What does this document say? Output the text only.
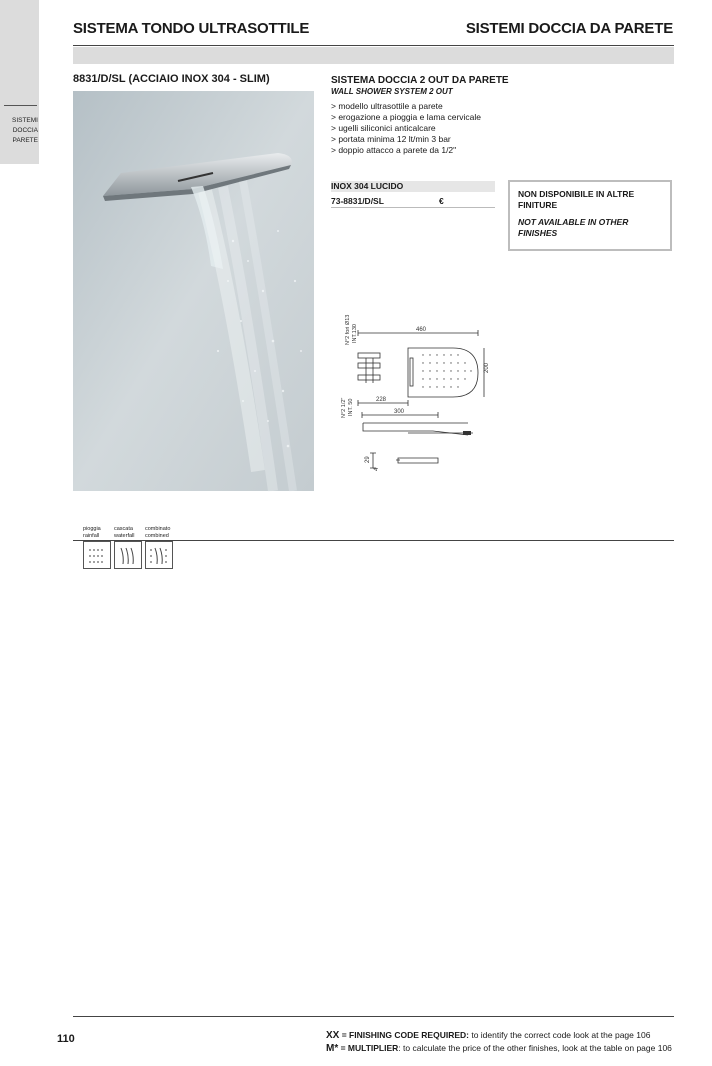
SISTEMI
DOCCIA
PARETE
SISTEMA TONDO ULTRASOTTILE	SISTEMI DOCCIA DA PARETE
8831/D/SL (ACCIAIO INOX 304 - SLIM)
pioggia
rainfall
cascata
waterfall
combinato
combined
SISTEMA DOCCIA 2 OUT DA PARETE
WALL SHOWER SYSTEM 2 OUT
> modello ultrasottile a parete
> erogazione a pioggia e lama cervicale
> ugelli siliconici anticalcare
> portata minima 12 lt/min 3 bar
> doppio attacco a parete da 1/2"
INOX 304 LUCIDO
73-8831/D/SL	€
NON DISPONIBILE IN ALTRE FINITURE
NOT AVAILABLE IN OTHER FINISHES
460
200
228
300
29
4
N°2 fori Ø13 INT.130
N°2 1/2" INT. 50
110	XX = FINISHING CODE REQUIRED: to identify the correct code look at the page 106
M* = MULTIPLIER: to calculate the price of the other finishes, look at the table on page 106
